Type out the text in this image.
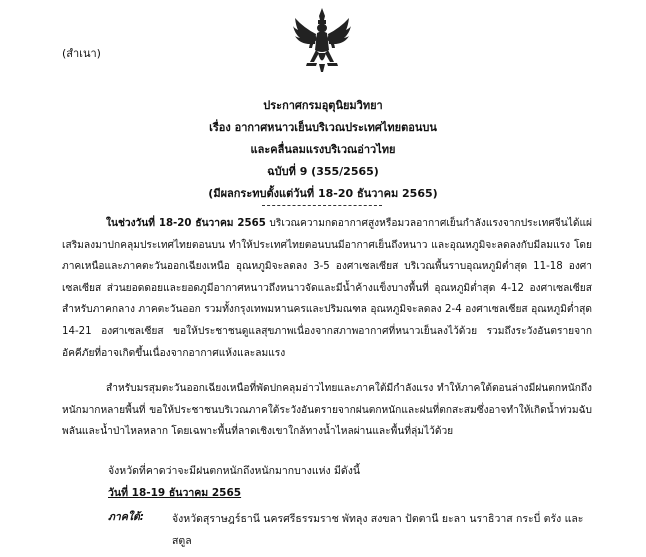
(สำเนา)
ประกาศกรมอุตุนิยมวิทยา
เรื่อง อากาศหนาวเย็นบริเวณประเทศไทยตอนบน
และคลื่นลมแรงบริเวณอ่าวไทย
ฉบับที่ 9 (355/2565)
(มีผลกระทบตั้งแต่วันที่ 18-20 ธันวาคม 2565)

ในช่วงวันที่ 18-20 ธันวาคม 2565 บริเวณความกดอากาศสูงหรือมวลอากาศเย็นกำลังแรงจากประเทศจีนได้แผ่เสริมลงมาปกคลุมประเทศไทยตอนบน ทำให้ประเทศไทยตอนบนมีอากาศเย็นถึงหนาว และอุณหภูมิจะลดลงกับมีลมแรง โดยภาคเหนือและภาคตะวันออกเฉียงเหนือ อุณหภูมิจะลดลง 3-5 องศาเซลเซียส บริเวณพื้นราบอุณหภูมิต่ำสุด 11-18 องศาเซลเซียส ส่วนยอดดอยและยอดภูมีอากาศหนาวถึงหนาวจัดและมีน้ำค้างแข็งบางพื้นที่ อุณหภูมิต่ำสุด 4-12 องศาเซลเซียส สำหรับภาคกลาง ภาคตะวันออก รวมทั้งกรุงเทพมหานครและปริมณฑล อุณหภูมิจะลดลง 2-4 องศาเซลเซียส อุณหภูมิต่ำสุด 14-21 องศาเซลเซียส ขอให้ประชาชนดูแลสุขภาพเนื่องจากสภาพอากาศที่หนาวเย็นลงไว้ด้วย รวมถึงระวังอันตรายจากอัคคีภัยที่อาจเกิดขึ้นเนื่องจากอากาศแห้งและลมแรง

สำหรับมรสุมตะวันออกเฉียงเหนือที่พัดปกคลุมอ่าวไทยและภาคใต้มีกำลังแรง ทำให้ภาคใต้ตอนล่างมีฝนตกหนักถึงหนักมากหลายพื้นที่ ขอให้ประชาชนบริเวณภาคใต้ระวังอันตรายจากฝนตกหนักและฝนที่ตกสะสมซึ่งอาจทำให้เกิดน้ำท่วมฉับพลันและน้ำป่าไหลหลาก โดยเฉพาะพื้นที่ลาดเชิงเขาใกล้ทางน้ำไหลผ่านและพื้นที่ลุ่มไว้ด้วย

จังหวัดที่คาดว่าจะมีฝนตกหนักถึงหนักมากบางแห่ง มีดังนี้
วันที่ 18-19 ธันวาคม 2565
ภาคใต้:	จังหวัดสุราษฎร์ธานี นครศรีธรรมราช พัทลุง สงขลา ปัตตานี ยะลา นราธิวาส กระบี่ ตรัง และสตูล
